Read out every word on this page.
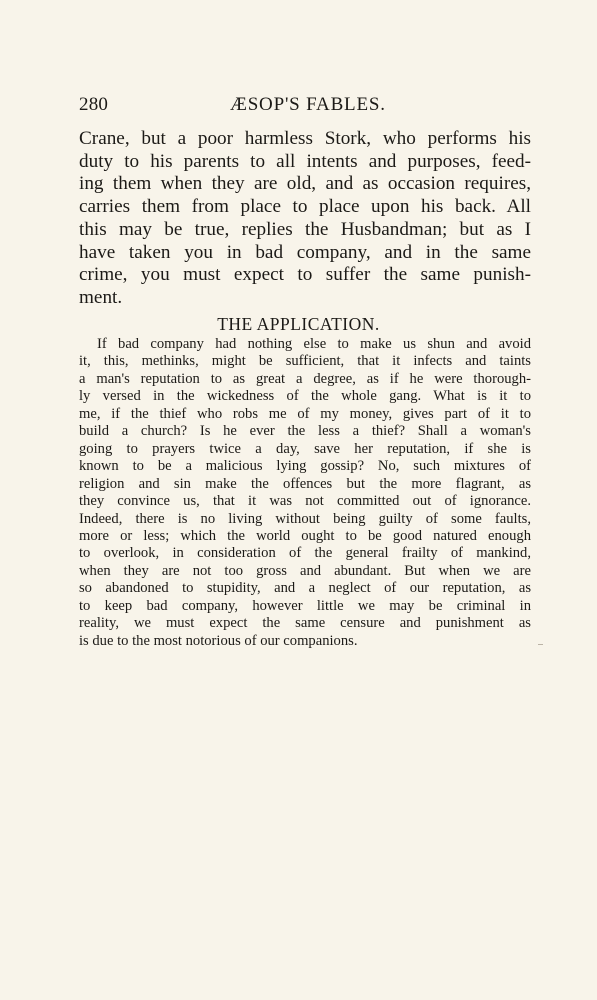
280	ÆSOP'S FABLES.

Crane, but a poor harmless Stork, who performs his
duty to his parents to all intents and purposes, feed-
ing them when they are old, and as occasion requires,
carries them from place to place upon his back. All
this may be true, replies the Husbandman; but as I
have taken you in bad company, and in the same
crime, you must expect to suffer the same punish-
ment.

THE APPLICATION.

If bad company had nothing else to make us shun and avoid
it, this, methinks, might be sufficient, that it infects and taints
a man's reputation to as great a degree, as if he were thorough-
ly versed in the wickedness of the whole gang. What is it to
me, if the thief who robs me of my money, gives part of it to
build a church? Is he ever the less a thief? Shall a woman's
going to prayers twice a day, save her reputation, if she is
known to be a malicious lying gossip? No, such mixtures of
religion and sin make the offences but the more flagrant, as
they convince us, that it was not committed out of ignorance.
Indeed, there is no living without being guilty of some faults,
more or less; which the world ought to be good natured enough
to overlook, in consideration of the general frailty of mankind,
when they are not too gross and abundant. But when we are
so abandoned to stupidity, and a neglect of our reputation, as
to keep bad company, however little we may be criminal in
reality, we must expect the same censure and punishment as
is due to the most notorious of our companions.
